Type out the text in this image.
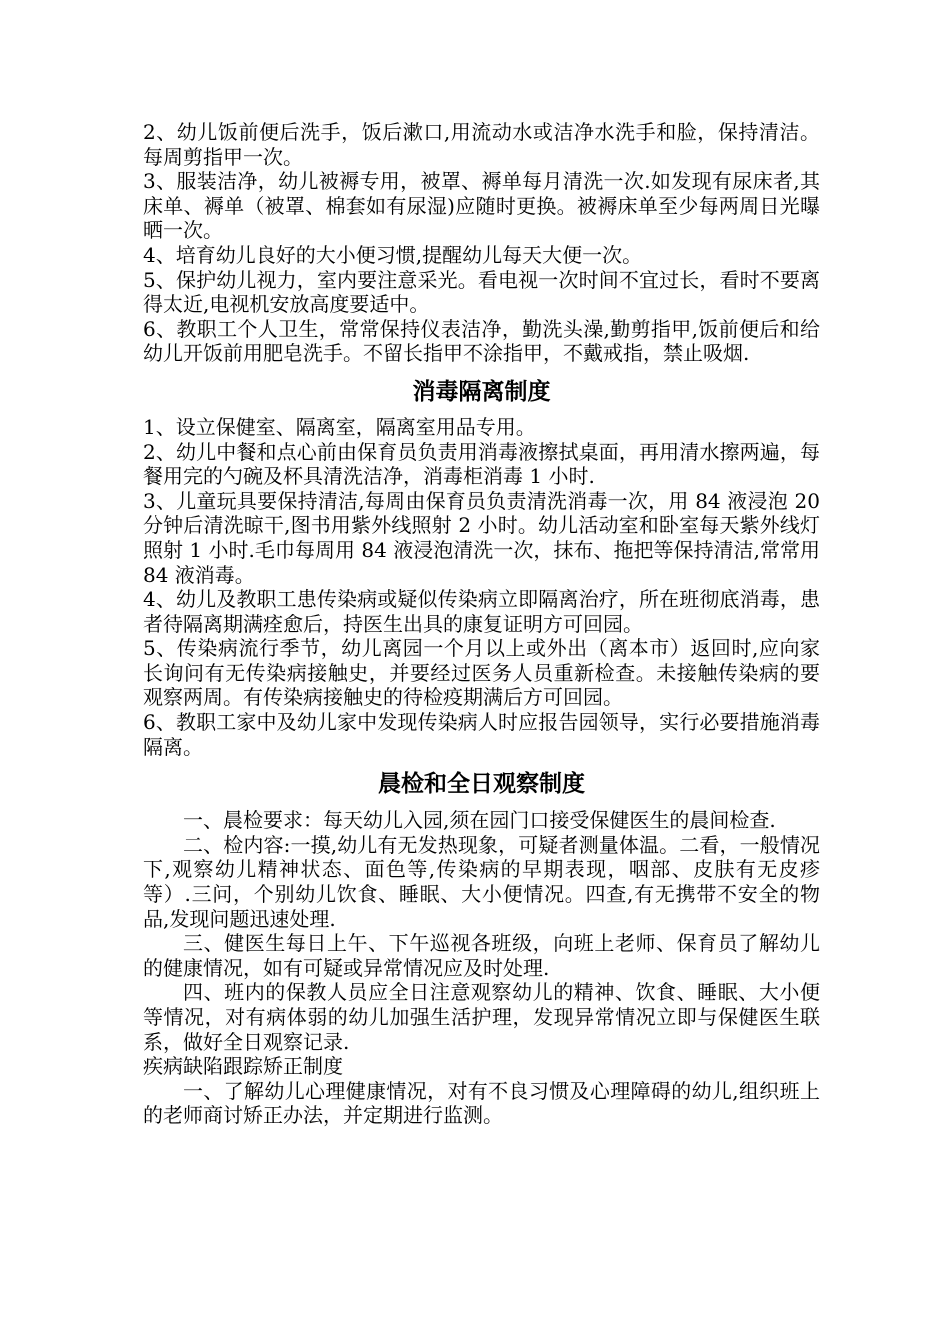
2、幼儿饭前便后洗手，饭后漱口,用流动水或洁净水洗手和脸，保持清洁。每周剪指甲一次。

3、服装洁净，幼儿被褥专用，被罩、褥单每月清洗一次.如发现有尿床者,其床单、褥单（被罩、棉套如有尿湿)应随时更换。被褥床单至少每两周日光曝晒一次。

4、培育幼儿良好的大小便习惯,提醒幼儿每天大便一次。

5、保护幼儿视力，室内要注意采光。看电视一次时间不宜过长，看时不要离得太近,电视机安放高度要适中。

6、教职工个人卫生，常常保持仪表洁净，勤洗头澡,勤剪指甲,饭前便后和给幼儿开饭前用肥皂洗手。不留长指甲不涂指甲，不戴戒指，禁止吸烟.

消毒隔离制度

1、设立保健室、隔离室，隔离室用品专用。

2、幼儿中餐和点心前由保育员负责用消毒液擦拭桌面，再用清水擦两遍，每餐用完的勺碗及杯具清洗洁净，消毒柜消毒 1 小时.

3、儿童玩具要保持清洁,每周由保育员负责清洗消毒一次，用 84 液浸泡 20 分钟后清洗晾干,图书用紫外线照射 2 小时。幼儿活动室和卧室每天紫外线灯照射 1 小时.毛巾每周用 84 液浸泡清洗一次，抹布、拖把等保持清洁,常常用 84 液消毒。

4、幼儿及教职工患传染病或疑似传染病立即隔离治疗，所在班彻底消毒，患者待隔离期满痊愈后，持医生出具的康复证明方可回园。

5、传染病流行季节，幼儿离园一个月以上或外出（离本市）返回时,应向家长询问有无传染病接触史，并要经过医务人员重新检查。未接触传染病的要观察两周。有传染病接触史的待检疫期满后方可回园。

6、教职工家中及幼儿家中发现传染病人时应报告园领导，实行必要措施消毒隔离。

晨检和全日观察制度

一、晨检要求：每天幼儿入园,须在园门口接受保健医生的晨间检查.

二、检内容:一摸,幼儿有无发热现象，可疑者测量体温。二看，一般情况下,观察幼儿精神状态、面色等,传染病的早期表现，咽部、皮肤有无皮疹等）.三问，个别幼儿饮食、睡眠、大小便情况。四查,有无携带不安全的物品,发现问题迅速处理.

三、健医生每日上午、下午巡视各班级，向班上老师、保育员了解幼儿的健康情况，如有可疑或异常情况应及时处理.

四、班内的保教人员应全日注意观察幼儿的精神、饮食、睡眠、大小便等情况，对有病体弱的幼儿加强生活护理，发现异常情况立即与保健医生联系，做好全日观察记录.

疾病缺陷跟踪矫正制度

一、了解幼儿心理健康情况，对有不良习惯及心理障碍的幼儿,组织班上的老师商讨矫正办法，并定期进行监测。
